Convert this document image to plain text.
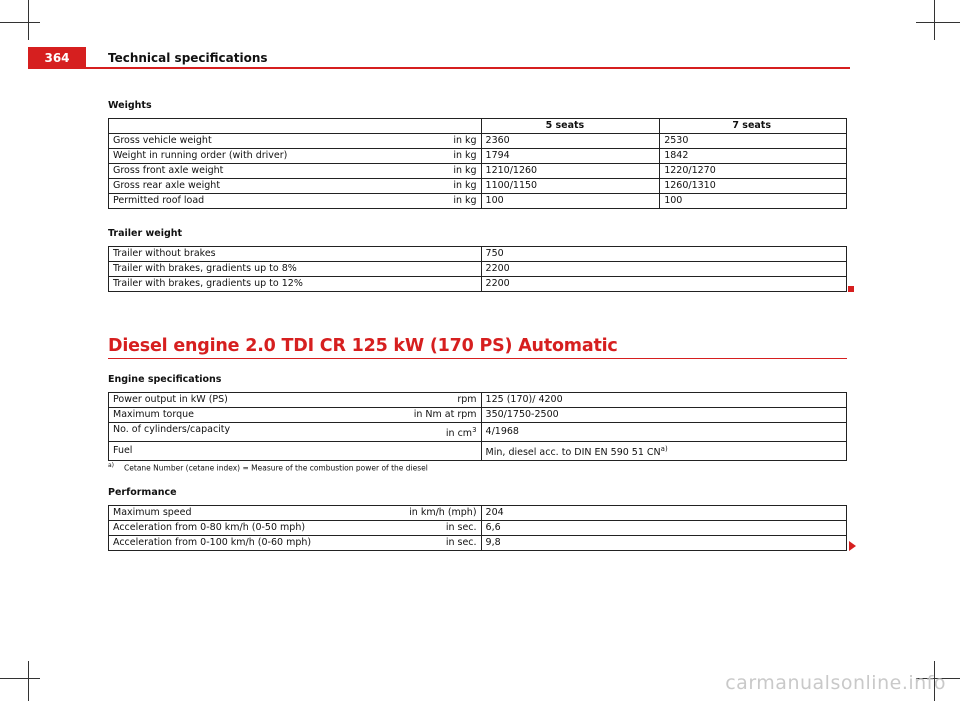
364	Technical specifications
Weights
	5 seats	7 seats

Gross vehicle weight in kg	2360	2530

Weight in running order (with driver) in kg	1794	1842

Gross front axle weight in kg	1210/1260	1220/1270

Gross rear axle weight in kg	1100/1150	1260/1310

Permitted roof load in kg	100	100
Trailer weight
Trailer without brakes	750
Trailer with brakes, gradients up to 8%	2200
Trailer with brakes, gradients up to 12%	2200
Diesel engine 2.0 TDI CR 125 kW (170 PS) Automatic
Engine specifications
Power output in kW (PS) rpm	125 (170)/ 4200

Maximum torque in Nm at rpm	350/1750-2500

No. of cylinders/capacity in $cm^3$	4/1968

Fuel	Min, diesel acc. to DIN EN 590 51 CN$^{a)}$
$^{a)}$ Cetane Number (cetane index) = Measure of the combustion power of the diesel
Performance
Maximum speed in km/h (mph)	204

Acceleration from 0-80 km/h (0-50 mph) in sec.	6,6

Acceleration from 0-100 km/h (0-60 mph) in sec.	9,8
carmanualsonline.info
